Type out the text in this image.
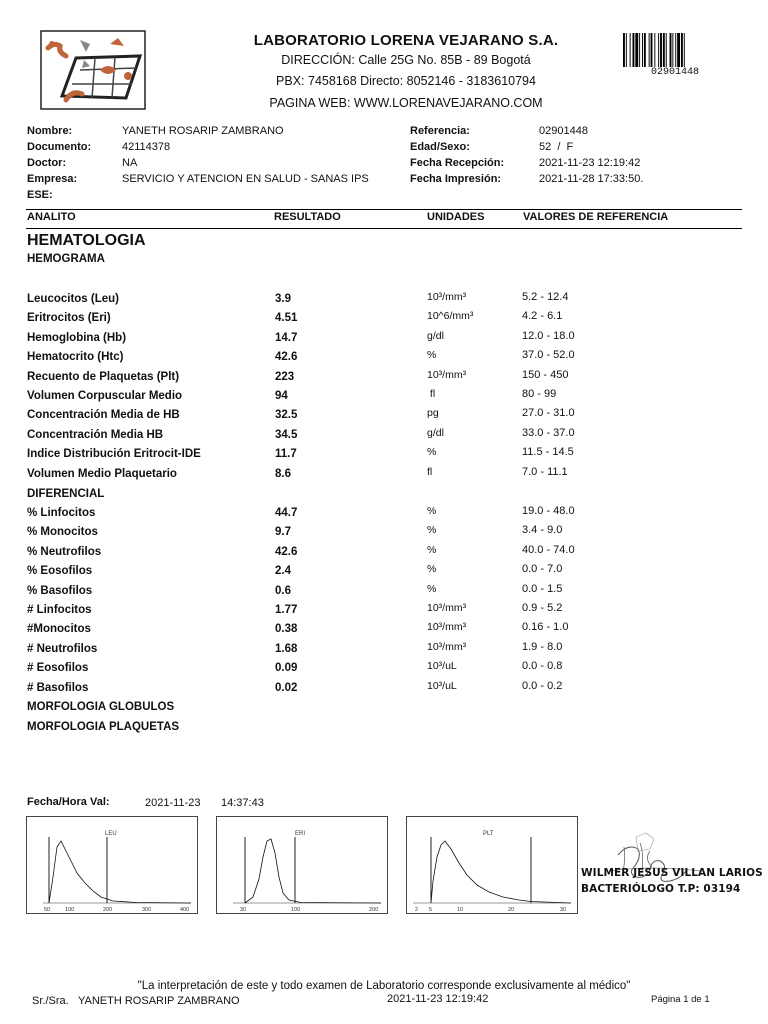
LABORATORIO LORENA VEJARANO S.A.
DIRECCIÓN: Calle 25G No. 85B - 89 Bogotá
PBX: 7458168 Directo: 8052146 - 3183610794
PAGINA WEB: WWW.LORENAVEJARANO.COM
02901448
Nombre:	YANETH ROSARIP ZAMBRANO
Documento:	42114378
Doctor:	NA
Empresa:	SERVICIO Y ATENCION EN SALUD - SANAS IPS
ESE:
Referencia:	02901448
Edad/Sexo:	52  /  F
Fecha Recepción:	2021-11-23 12:19:42
Fecha Impresión:	2021-11-28 17:33:50.
ANALITO	RESULTADO	UNIDADES	VALORES DE REFERENCIA
HEMATOLOGIA
HEMOGRAMA
Leucocitos (Leu)	3.9	10³/mm³	5.2 - 12.4
Eritrocitos (Eri)	4.51	10^6/mm³	4.2 - 6.1
Hemoglobina (Hb)	14.7	g/dl	12.0 - 18.0
Hematocrito (Htc)	42.6	%	37.0 - 52.0
Recuento de Plaquetas (Plt)	223	10³/mm³	150 - 450
Volumen Corpuscular Medio	94	fl	80 - 99
Concentración Media de HB	32.5	pg	27.0 - 31.0
Concentración Media HB	34.5	g/dl	33.0 - 37.0
Indice Distribución Eritrocit-IDE	11.7	%	11.5 - 14.5
Volumen Medio Plaquetario	8.6	fl	7.0 - 11.1
DIFERENCIAL
% Linfocitos	44.7	%	19.0 - 48.0
% Monocitos	9.7	%	3.4 - 9.0
% Neutrofilos	42.6	%	40.0 - 74.0
% Eosofilos	2.4	%	0.0 - 7.0
% Basofilos	0.6	%	0.0 - 1.5
# Linfocitos	1.77	10³/mm³	0.9 - 5.2
#Monocitos	0.38	10³/mm³	0.16 - 1.0
# Neutrofilos	1.68	10³/mm³	1.9 - 8.0
# Eosofilos	0.09	10³/uL	0.0 - 0.8
# Basofilos	0.02	10³/uL	0.0 - 0.2
MORFOLOGIA GLOBULOS
MORFOLOGIA PLAQUETAS
Fecha/Hora Val:	2021-11-23 14:37:43
LEU
50	100	200	300	400
ERI
30	100	200
PLT
2 5	10	20	30
WILMER JESUS VILLAN LARIOS
BACTERIÓLOGO T.P: 03194
"La interpretación de este y todo examen de Laboratorio corresponde exclusivamente al médico"
Sr./Sra. YANETH ROSARIP ZAMBRANO	2021-11-23 12:19:42	Página 1 de 1
